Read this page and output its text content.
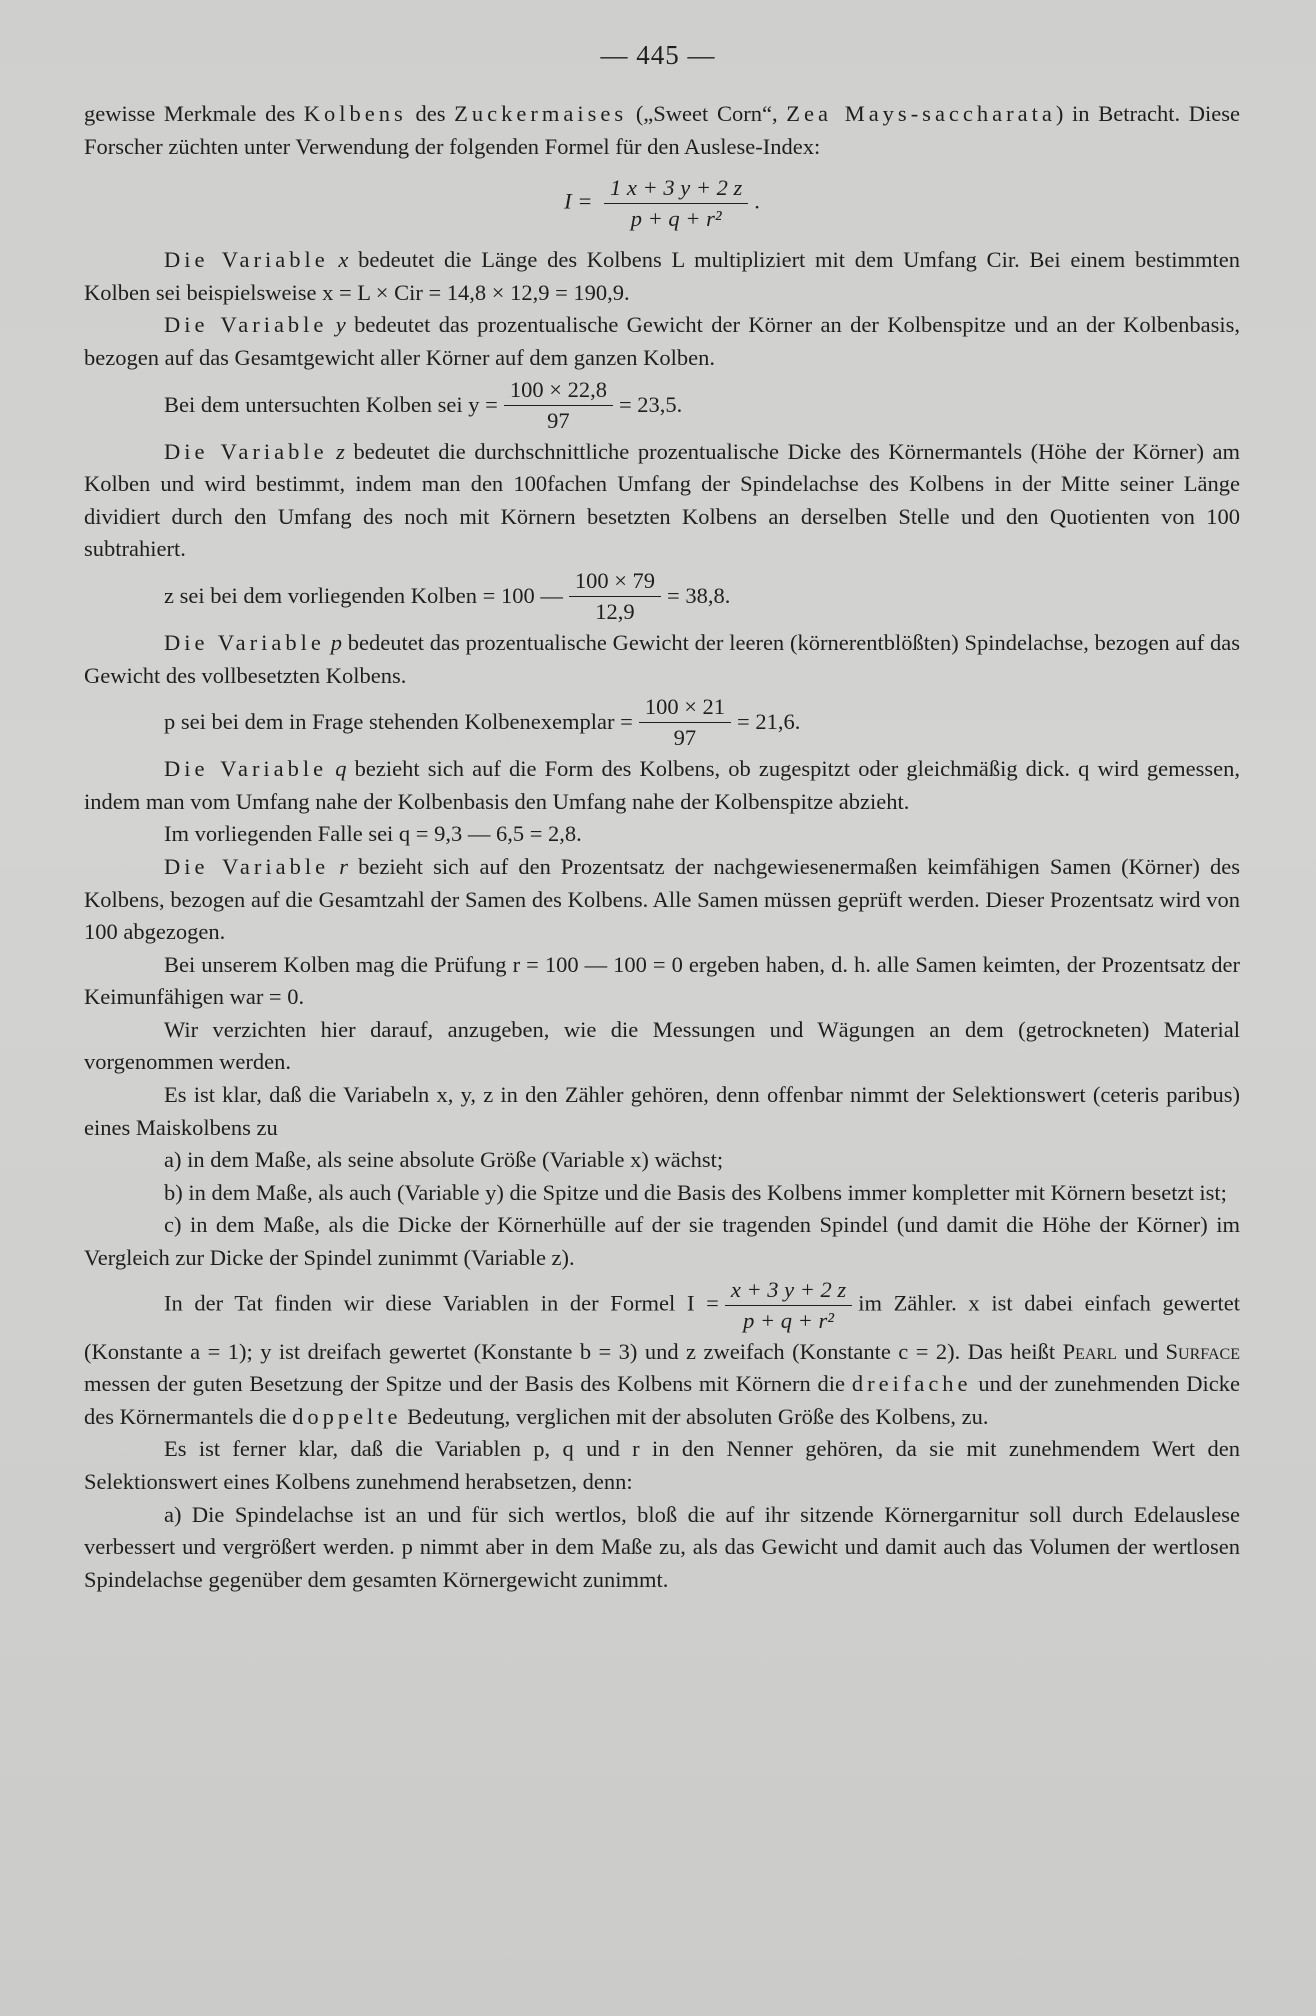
— 445 —

gewisse Merkmale des Kolbens des Zuckermaises („Sweet Corn“, Zea Mays-saccharata) in Betracht. Diese Forscher züchten unter Verwendung der folgenden Formel für den Auslese-Index:

$I = \frac{1 x + 3 y + 2 z}{\text{p + q + r²}}$ .

Die Variable x bedeutet die Länge des Kolbens L multipliziert mit dem Umfang Cir. Bei einem bestimmten Kolben sei beispielsweise x = L × Cir = 14,8 × 12,9 = 190,9.

Die Variable y bedeutet das prozentualische Gewicht der Körner an der Kolbenspitze und an der Kolbenbasis, bezogen auf das Gesamtgewicht aller Körner auf dem ganzen Kolben.

Bei dem untersuchten Kolben sei $y = \frac{100 \times 22,8}{97} = 23,5$.

Die Variable z bedeutet die durchschnittliche prozentualische Dicke des Körnermantels (Höhe der Körner) am Kolben und wird bestimmt, indem man den 100fachen Umfang der Spindelachse des Kolbens in der Mitte seiner Länge dividiert durch den Umfang des noch mit Körnern besetzten Kolbens an derselben Stelle und den Quotienten von 100 subtrahiert.

z sei bei dem vorliegenden Kolben = 100 — $\frac{100 \times 79}{12,9} = 38,8$.

Die Variable p bedeutet das prozentualische Gewicht der leeren (körnerentblößten) Spindelachse, bezogen auf das Gewicht des vollbesetzten Kolbens.

p sei bei dem in Frage stehenden Kolbenexemplar = $\frac{100 \times 21}{97} = 21,6$.

Die Variable q bezieht sich auf die Form des Kolbens, ob zugespitzt oder gleichmäßig dick. q wird gemessen, indem man vom Umfang nahe der Kolbenbasis den Umfang nahe der Kolbenspitze abzieht.

Im vorliegenden Falle sei q = 9,3 — 6,5 = 2,8.

Die Variable r bezieht sich auf den Prozentsatz der nachgewiesenermaßen keimfähigen Samen (Körner) des Kolbens, bezogen auf die Gesamtzahl der Samen des Kolbens. Alle Samen müssen geprüft werden. Dieser Prozentsatz wird von 100 abgezogen.

Bei unserem Kolben mag die Prüfung r = 100 — 100 = 0 ergeben haben, d. h. alle Samen keimten, der Prozentsatz der Keimunfähigen war = 0.

Wir verzichten hier darauf, anzugeben, wie die Messungen und Wägungen an dem (getrockneten) Material vorgenommen werden.

Es ist klar, daß die Variabeln x, y, z in den Zähler gehören, denn offenbar nimmt der Selektionswert (ceteris paribus) eines Maiskolbens zu

a) in dem Maße, als seine absolute Größe (Variable x) wächst;

b) in dem Maße, als auch (Variable y) die Spitze und die Basis des Kolbens immer kompletter mit Körnern besetzt ist;

c) in dem Maße, als die Dicke der Körnerhülle auf der sie tragenden Spindel (und damit die Höhe der Körner) im Vergleich zur Dicke der Spindel zunimmt (Variable z).

In der Tat finden wir diese Variablen in der Formel $I = \frac{x + 3 y + 2 z}{\text{p + q + r²}}$ im Zähler. x ist dabei einfach gewertet (Konstante a = 1); y ist dreifach gewertet (Konstante b = 3) und z zweifach (Konstante c = 2). Das heißt Pearl und Surface messen der guten Besetzung der Spitze und der Basis des Kolbens mit Körnern die dreifache und der zunehmenden Dicke des Körnermantels die doppelte Bedeutung, verglichen mit der absoluten Größe des Kolbens, zu.

Es ist ferner klar, daß die Variablen p, q und r in den Nenner gehören, da sie mit zunehmendem Wert den Selektionswert eines Kolbens zunehmend herabsetzen, denn:

a) Die Spindelachse ist an und für sich wertlos, bloß die auf ihr sitzende Körnergarnitur soll durch Edelauslese verbessert und vergrößert werden. p nimmt aber in dem Maße zu, als das Gewicht und damit auch das Volumen der wertlosen Spindelachse gegenüber dem gesamten Körnergewicht zunimmt.
